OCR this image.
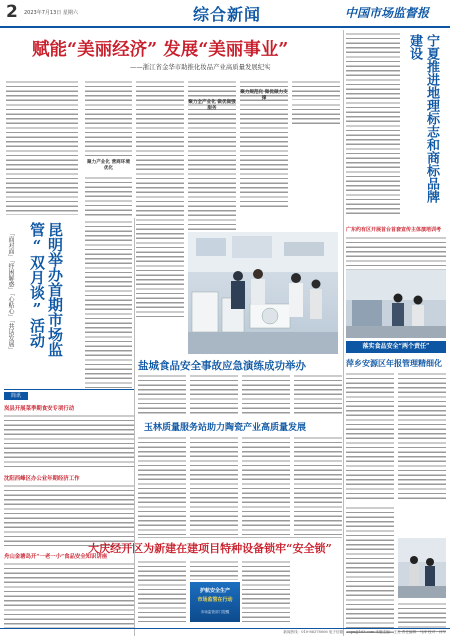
2 2023年7月13日 星期六	综合新闻	中国市场监督报
赋能“美丽经济” 发展“美丽事业”
——浙江省金华市助推化妆品产业高质量发展纪实
聚力产业化 营商环境优化
聚力全产业化 做优做强服务
聚力规范化 做优做力支撑
昆明举办首期市场监管“双月谈”活动
「面对面」「纾困解惑」「心贴心」「共话发展」
简讯
岚县开展菜季期食安专项行动
沈阳西峰区办公业年期经济工作
舟山金塘岛开“一老一小”食品安全知识讲座
盐城食品安全事故应急演练成功举办
玉林质量服务站助力陶瓷产业高质量发展
大庆经开区为新建在建项目特种设备锁牢“安全锁”
护航安全生产
市场监管在行动
市场监管部门提醒
宁夏推进地理标志和商标品牌建设
广东约有区开展首台首套宣传主体演培训考
落实食品安全“两个责任”
萍乡安源区年报管理精细化
新闻热线：010-86378006 电子信箱：ccpx@163.com 本版主编：王亮 责任编辑：马涛 校对：孙军
